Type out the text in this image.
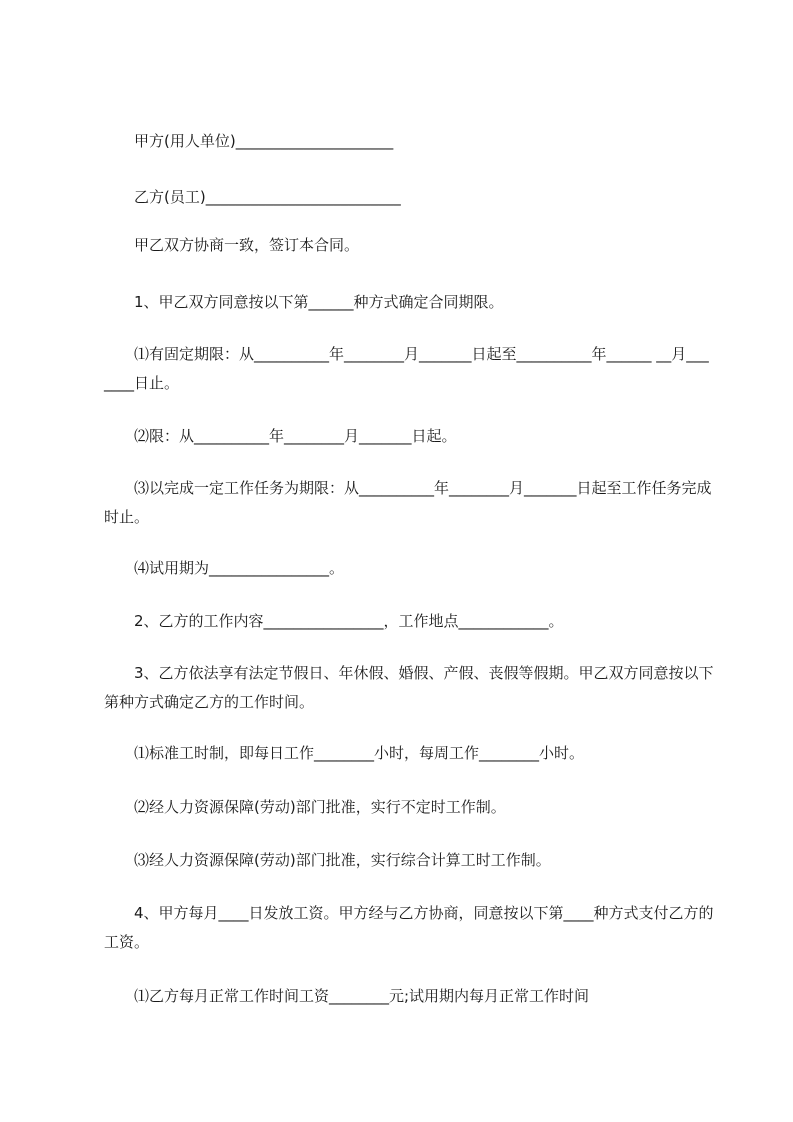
　　甲方(用人单位)_____________________

　　乙方(员工)__________________________

　　甲乙双方协商一致，签订本合同。

　　1、甲乙双方同意按以下第______种方式确定合同期限。

　　⑴有固定期限：从__________年________月_______日起至__________年______ __月_______日止。

　　⑵限：从__________年________月_______日起。

　　⑶以完成一定工作任务为期限：从__________年________月_______日起至工作任务完成时止。

　　⑷试用期为________________。

　　2、乙方的工作内容________________，工作地点____________。

　　3、乙方依法享有法定节假日、年休假、婚假、产假、丧假等假期。甲乙双方同意按以下第种方式确定乙方的工作时间。

　　⑴标准工时制，即每日工作________小时，每周工作________小时。

　　⑵经人力资源保障(劳动)部门批准，实行不定时工作制。

　　⑶经人力资源保障(劳动)部门批准，实行综合计算工时工作制。

　　4、甲方每月____日发放工资。甲方经与乙方协商，同意按以下第____种方式支付乙方的工资。

　　⑴乙方每月正常工作时间工资________元;试用期内每月正常工作时间
